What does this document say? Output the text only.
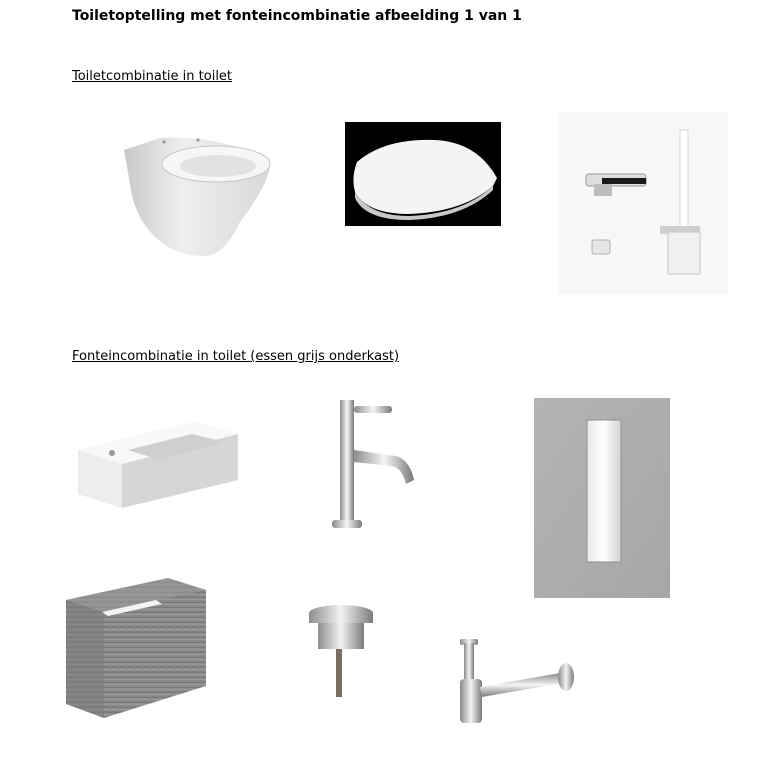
Toiletoptelling met fonteincombinatie afbeelding 1 van 1
Toiletcombinatie in toilet
Fonteincombinatie in toilet (essen grijs onderkast)
